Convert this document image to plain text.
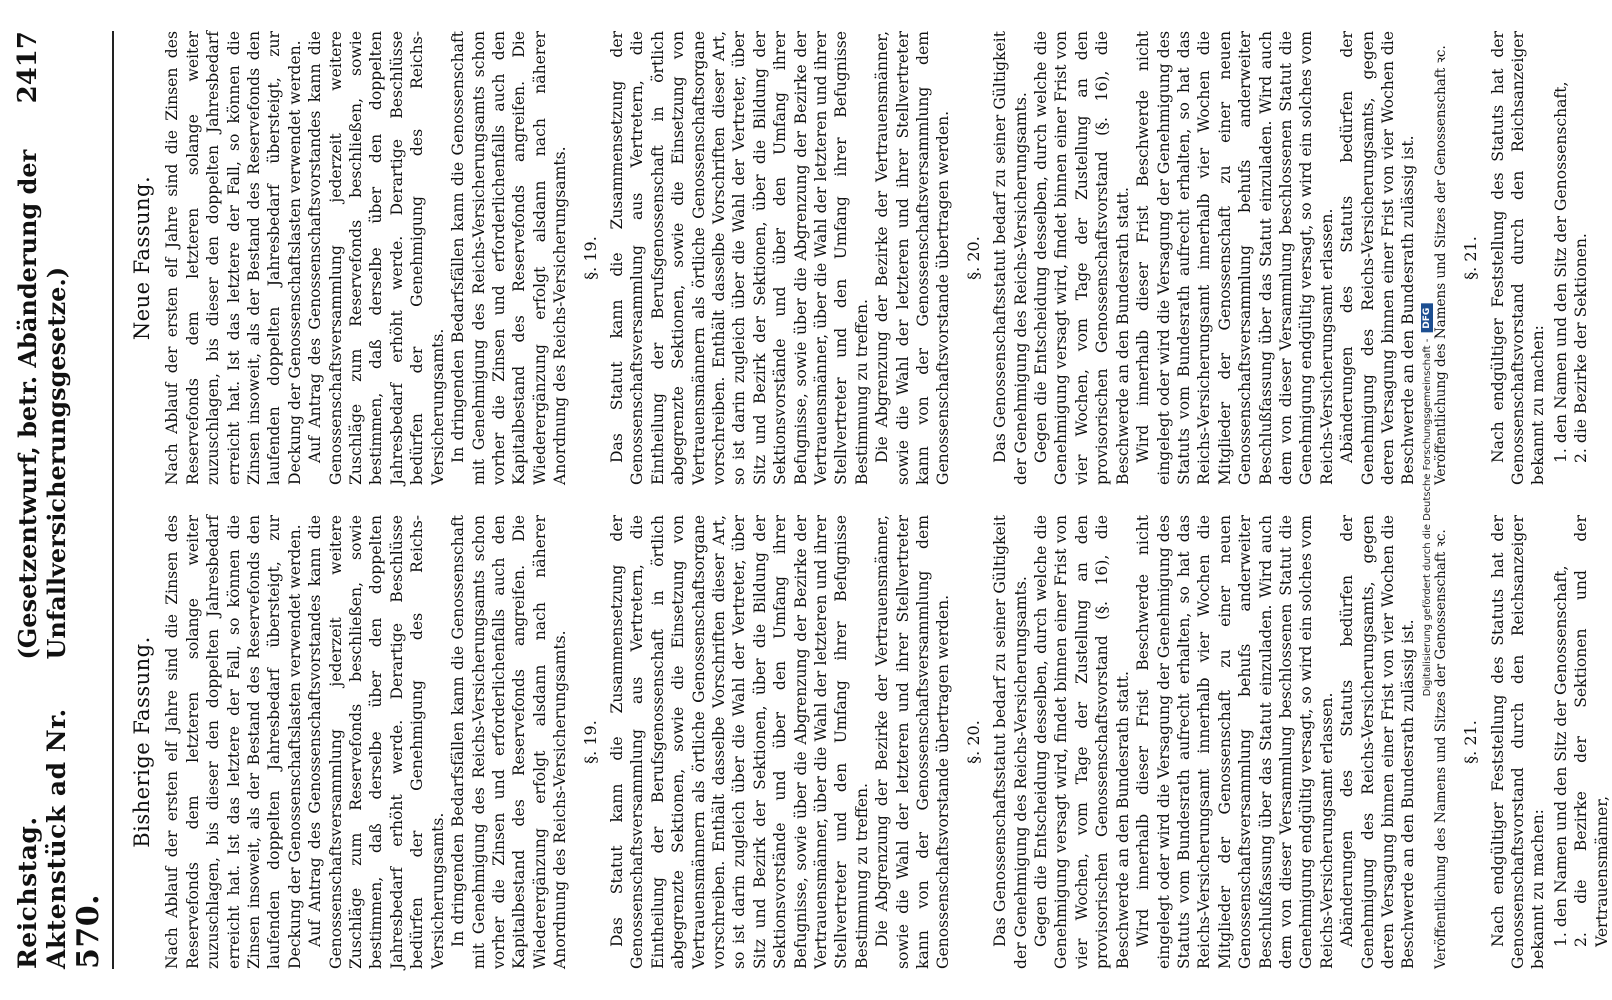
Reichstag. Aktenstück ad Nr. 570.
(Gesetzentwurf, betr. Abänderung der Unfallversicherungsgesetze.)
2417
Bisherige Fassung. Nach Ablauf der ersten elf Jahre sind die Zinsen des Reservefonds dem letzteren solange weiter zuzuschlagen, bis dieser den doppelten Jahresbedarf erreicht hat. Ist das letztere der Fall, so können die Zinsen insoweit, als der Bestand des Reservefonds den laufenden doppelten Jahresbedarf übersteigt, zur Deckung der Genossenschaftslasten verwendet werden. Auf Antrag des Genossenschaftsvorstandes kann die Genossenschaftsversammlung jederzeit weitere Zuschläge zum Reservefonds beschließen, sowie bestimmen, daß derselbe über den doppelten Jahresbedarf erhöht werde. Derartige Beschlüsse bedürfen der Genehmigung des Reichs-Versicherungsamts. In dringenden Bedarfsfällen kann die Genossenschaft mit Genehmigung des Reichs-Versicherungsamts schon vorher die Zinsen und erforderlichenfalls auch den Kapitalbestand des Reservefonds angreifen. Die Wiederergänzung erfolgt alsdann nach näherer Anordnung des Reichs-Versicherungsamts. §. 19. Das Statut kann die Zusammensetzung der Genossenschaftsversammlung aus Vertretern, die Eintheilung der Berufsgenossenschaft in örtlich abgegrenzte Sektionen, sowie die Einsetzung von Vertrauensmännern als örtliche Genossenschaftsorgane vorschreiben. Enthält dasselbe Vorschriften dieser Art, so ist darin zugleich über die Wahl der Vertreter, über Sitz und Bezirk der Sektionen, über die Bildung der Sektionsvorstände und über den Umfang ihrer Befugnisse, sowie über die Abgrenzung der Bezirke der Vertrauensmänner, über die Wahl der letzteren und ihrer Stellvertreter und den Umfang ihrer Befugnisse Bestimmung zu treffen. Die Abgrenzung der Bezirke der Vertrauensmänner, sowie die Wahl der letzteren und ihrer Stellvertreter kann von der Genossenschaftsversammlung dem Genossenschaftsvorstande übertragen werden. §. 20. Das Genossenschaftsstatut bedarf zu seiner Gültigkeit der Genehmigung des Reichs-Versicherungsamts. Gegen die Entscheidung desselben, durch welche die Genehmigung versagt wird, findet binnen einer Frist von vier Wochen, vom Tage der Zustellung an den provisorischen Genossenschaftsvorstand (§. 16), die Beschwerde an den Bundesrath statt. Wird innerhalb dieser Frist Beschwerde nicht eingelegt oder wird die Versagung der Genehmigung des Statuts vom Bundesrath aufrecht erhalten, so hat das Reichs-Versicherungsamt innerhalb vier Wochen die Mitglieder der Genossenschaft zu einer neuen Genossenschaftsversammlung behufs anderweiter Beschlußfassung über das Statut einzuladen. Wird auch dem von dieser Versammlung beschlossenen Statut die Genehmigung endgültig versagt, so wird ein solches vom Reichs-Versicherungsamt erlassen. Abänderungen des Statuts bedürfen der Genehmigung des Reichs-Versicherungsamts, gegen deren Versagung binnen einer Frist von vier Wochen die Beschwerde an den Bundesrath zulässig ist. Veröffentlichung des Namens und Sitzes der Genossenschaft ꝛc. §. 21. Nach endgültiger Feststellung des Statuts hat der Genossenschaftsvorstand durch den Reichsanzeiger bekannt zu machen: 1. den Namen und den Sitz der Genossenschaft, 2. die Bezirke der Sektionen und der Vertrauensmänner,
Neue Fassung. Nach Ablauf der ersten elf Jahre sind die Zinsen des Reservefonds dem letzteren solange weiter zuzuschlagen, bis dieser den doppelten Jahresbedarf erreicht hat. Ist das letztere der Fall, so können die Zinsen insoweit, als der Bestand des Reservefonds den laufenden doppelten Jahresbedarf übersteigt, zur Deckung der Genossenschaftslasten verwendet werden. Auf Antrag des Genossenschaftsvorstandes kann die Genossenschaftsversammlung jederzeit weitere Zuschläge zum Reservefonds beschließen, sowie bestimmen, daß derselbe über den doppelten Jahresbedarf erhöht werde. Derartige Beschlüsse bedürfen der Genehmigung des Reichs-Versicherungsamts. In dringenden Bedarfsfällen kann die Genossenschaft mit Genehmigung des Reichs-Versicherungsamts schon vorher die Zinsen und erforderlichenfalls auch den Kapitalbestand des Reservefonds angreifen. Die Wiederergänzung erfolgt alsdann nach näherer Anordnung des Reichs-Versicherungsamts. §. 19. Das Statut kann die Zusammensetzung der Genossenschaftsversammlung aus Vertretern, die Eintheilung der Berufsgenossenschaft in örtlich abgegrenzte Sektionen, sowie die Einsetzung von Vertrauensmännern als örtliche Genossenschaftsorgane vorschreiben. Enthält dasselbe Vorschriften dieser Art, so ist darin zugleich über die Wahl der Vertreter, über Sitz und Bezirk der Sektionen, über die Bildung der Sektionsvorstände und über den Umfang ihrer Befugnisse, sowie über die Abgrenzung der Bezirke der Vertrauensmänner, über die Wahl der letzteren und ihrer Stellvertreter und den Umfang ihrer Befugnisse Bestimmung zu treffen. Die Abgrenzung der Bezirke der Vertrauensmänner, sowie die Wahl der letzteren und ihrer Stellvertreter kann von der Genossenschaftsversammlung dem Genossenschaftsvorstande übertragen werden. §. 20. Das Genossenschaftsstatut bedarf zu seiner Gültigkeit der Genehmigung des Reichs-Versicherungsamts. Gegen die Entscheidung desselben, durch welche die Genehmigung versagt wird, findet binnen einer Frist von vier Wochen, vom Tage der Zustellung an den provisorischen Genossenschaftsvorstand (§. 16), die Beschwerde an den Bundesrath statt. Wird innerhalb dieser Frist Beschwerde nicht eingelegt oder wird die Versagung der Genehmigung des Statuts vom Bundesrath aufrecht erhalten, so hat das Reichs-Versicherungsamt innerhalb vier Wochen die Mitglieder der Genossenschaft zu einer neuen Genossenschaftsversammlung behufs anderweiter Beschlußfassung über das Statut einzuladen. Wird auch dem von dieser Versammlung beschlossenen Statut die Genehmigung endgültig versagt, so wird ein solches vom Reichs-Versicherungsamt erlassen. Abänderungen des Statuts bedürfen der Genehmigung des Reichs-Versicherungsamts, gegen deren Versagung binnen einer Frist von vier Wochen die Beschwerde an den Bundesrath zulässig ist. Veröffentlichung des Namens und Sitzes der Genossenschaft ꝛc. §. 21. Nach endgültiger Feststellung des Statuts hat der Genossenschaftsvorstand durch den Reichsanzeiger bekannt zu machen: 1. den Namen und den Sitz der Genossenschaft, 2. die Bezirke der Sektionen.
Digitalisierung gefördert durch die Deutsche Forschungsgemeinschaft -
DFG
